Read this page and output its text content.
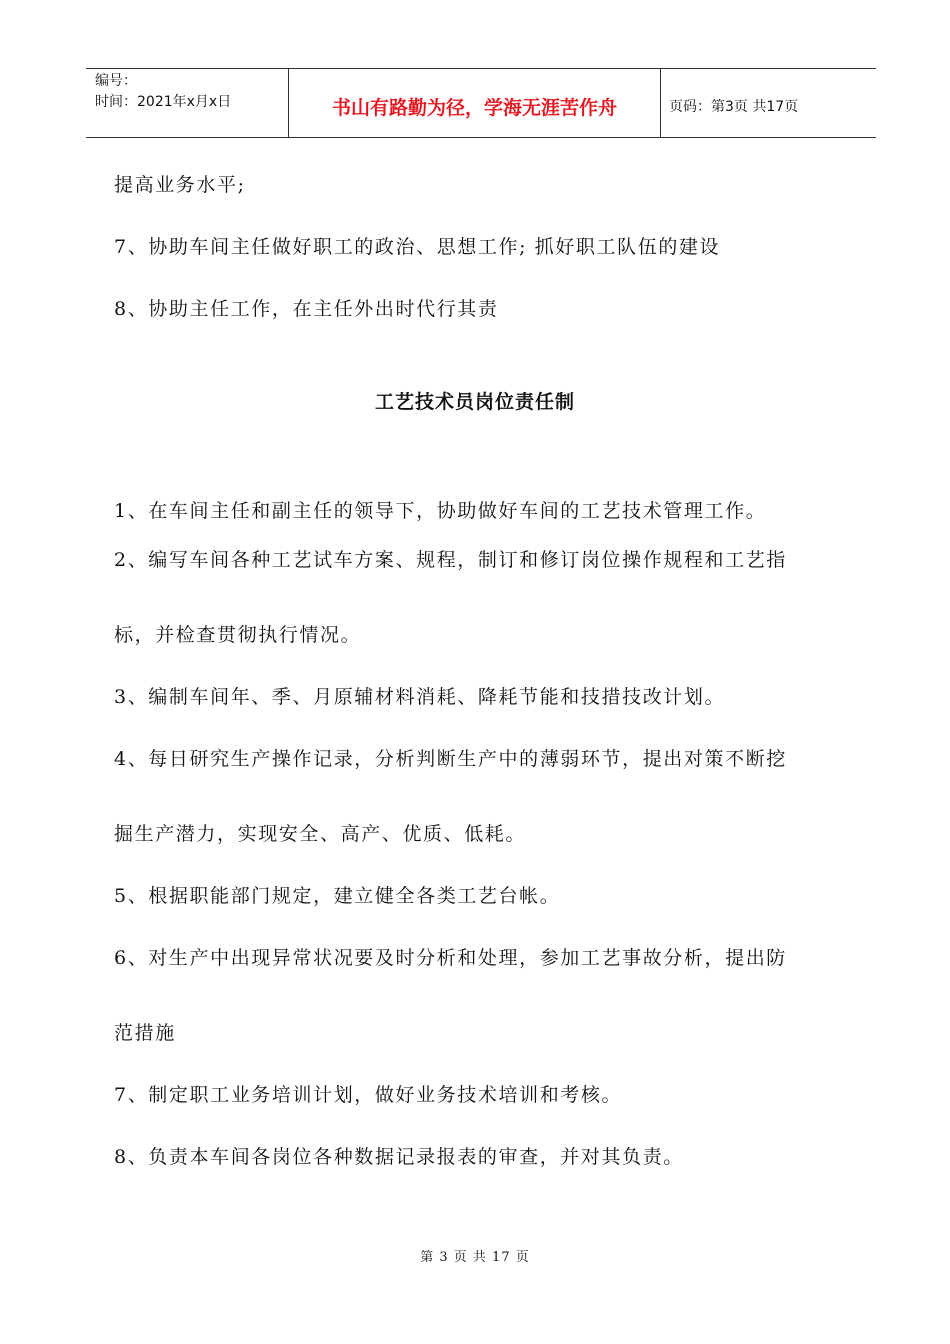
编号：
时间：2021年x月x日	书山有路勤为径，学海无涯苦作舟	页码：第3页 共17页
提高业务水平;
7、协助车间主任做好职工的政治、思想工作; 抓好职工队伍的建设
8、协助主任工作，在主任外出时代行其责
工艺技术员岗位责任制
1、在车间主任和副主任的领导下，协助做好车间的工艺技术管理工作。
2、编写车间各种工艺试车方案、规程，制订和修订岗位操作规程和工艺指
标，并检查贯彻执行情况。
3、编制车间年、季、月原辅材料消耗、降耗节能和技措技改计划。
4、每日研究生产操作记录，分析判断生产中的薄弱环节，提出对策不断挖
掘生产潜力，实现安全、高产、优质、低耗。
5、根据职能部门规定，建立健全各类工艺台帐。
6、对生产中出现异常状况要及时分析和处理，参加工艺事故分析，提出防
范措施
7、制定职工业务培训计划，做好业务技术培训和考核。
8、负责本车间各岗位各种数据记录报表的审查，并对其负责。
第 3 页 共 17 页
